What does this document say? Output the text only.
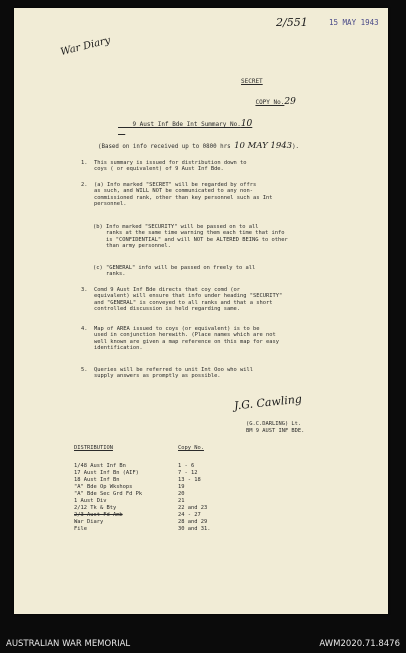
2/551	15 MAY 1943
War Diary
SECRET

COPY No.29

9 Aust Inf Bde Int Summary No.10

(Based on info received up to 0800 hrs 10 MAY 1943).

1. This summary is issued for distribution down to
coys ( or equivalent) of 9 Aust Inf Bde.
2. (a) Info marked "SECRET" will be regarded by offrs
as such, and WILL NOT be communicated to any non-
commissioned rank, other than key personnel such as Int
personnel.
(b) Info marked "SECURITY" will be passed on to all
ranks at the same time warning them each time that info
is "CONFIDENTIAL" and will NOT be ALTERED BEING to other
than army personnel.
(c) "GENERAL" info will be passed on freely to all
ranks.
3. Comd 9 Aust Inf Bde directs that coy comd (or
equivalent) will ensure that info under heading "SECURITY"
and "GENERAL" is conveyed to all ranks and that a short
controlled discussion is held regarding same.
4. Map of AREA issued to coys (or equivalent) is to be
used in conjunction herewith. (Place names which are not
well known are given a map reference on this map for easy
identification.
5. Queries will be referred to unit Int Ooo who will
supply answers as promptly as possible.
J.G. Cawling
(G.C.DARLING) Lt.
BM 9 AUST INF BDE.
DISTRIBUTION	Copy No.
1/48 Aust Inf Bn	1 - 6
17 Aust Inf Bn (AIF)	7 - 12
18 Aust Inf Bn	13 - 18
"A" Bde Op Wkshops	19
"A" Bde Sec Grd Fd Pk	20
1 Aust Div	21
2/12 Tk & Bty	22 and 23
2/3 Aust Fd Amb	24 - 27
War Diary	28 and 29
File	30 and 31.
AUSTRALIAN WAR MEMORIAL	AWM2020.71.8476
